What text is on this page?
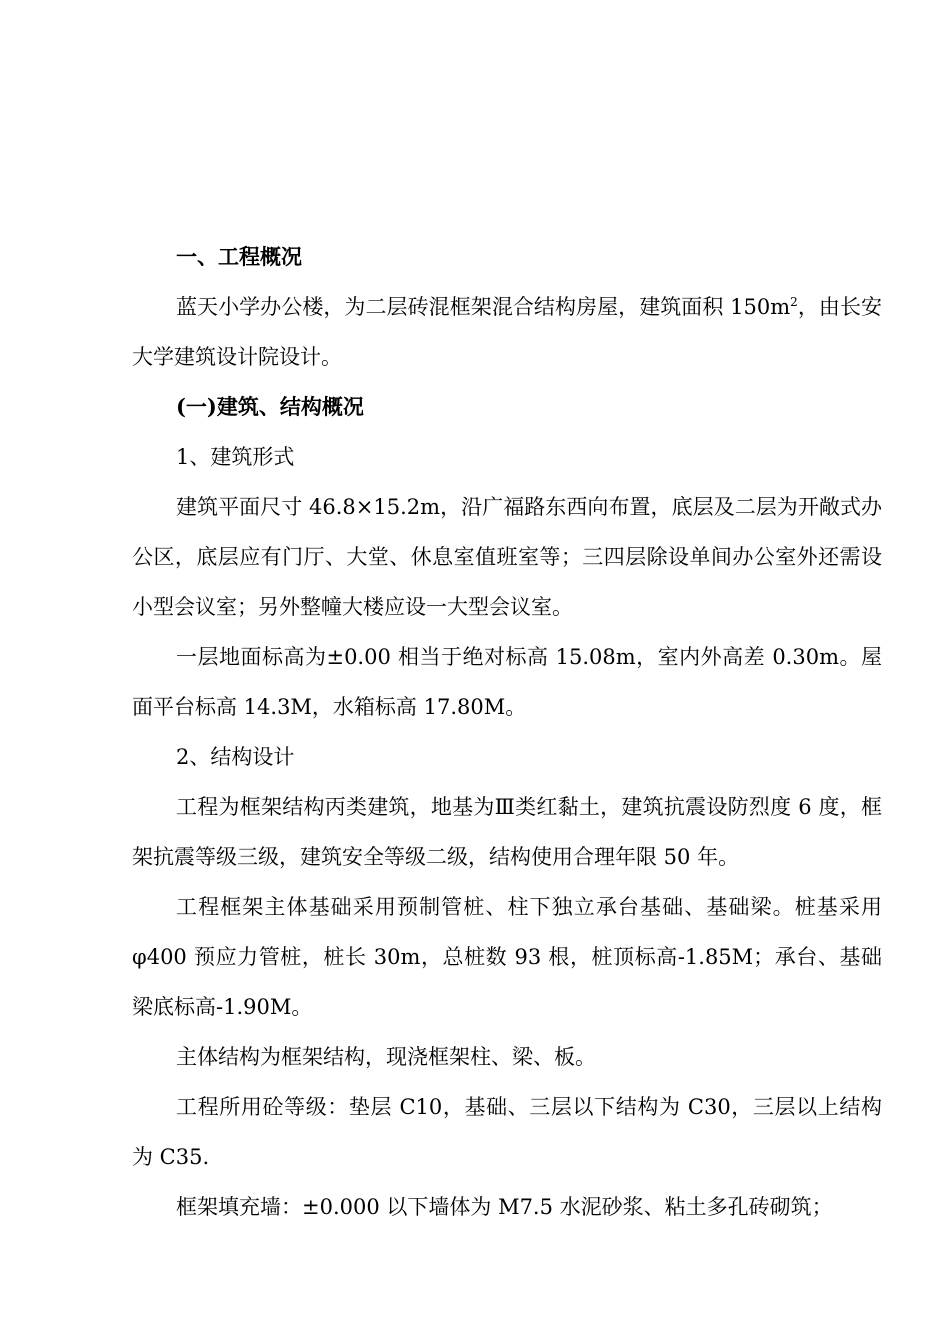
一、工程概况

蓝天小学办公楼，为二层砖混框架混合结构房屋，建筑面积 $150m^2$，由长安大学建筑设计院设计。

(一)建筑、结构概况

1、建筑形式

建筑平面尺寸 46.8×15.2m，沿广福路东西向布置，底层及二层为开敞式办公区，底层应有门厅、大堂、休息室值班室等；三四层除设单间办公室外还需设小型会议室；另外整幢大楼应设一大型会议室。

一层地面标高为±0.00 相当于绝对标高 15.08m，室内外高差 0.30m。屋面平台标高 14.3M，水箱标高 17.80M。

2、结构设计

工程为框架结构丙类建筑，地基为Ⅲ类红黏土，建筑抗震设防烈度 6 度，框架抗震等级三级，建筑安全等级二级，结构使用合理年限 50 年。

工程框架主体基础采用预制管桩、柱下独立承台基础、基础梁。桩基采用 φ400 预应力管桩，桩长 30m，总桩数 93 根，桩顶标高-1.85M；承台、基础梁底标高-1.90M。

主体结构为框架结构，现浇框架柱、梁、板。

工程所用砼等级：垫层 C10，基础、三层以下结构为 C30，三层以上结构为 C35.

框架填充墙：±0.000 以下墙体为 M7.5 水泥砂浆、粘土多孔砖砌筑；
